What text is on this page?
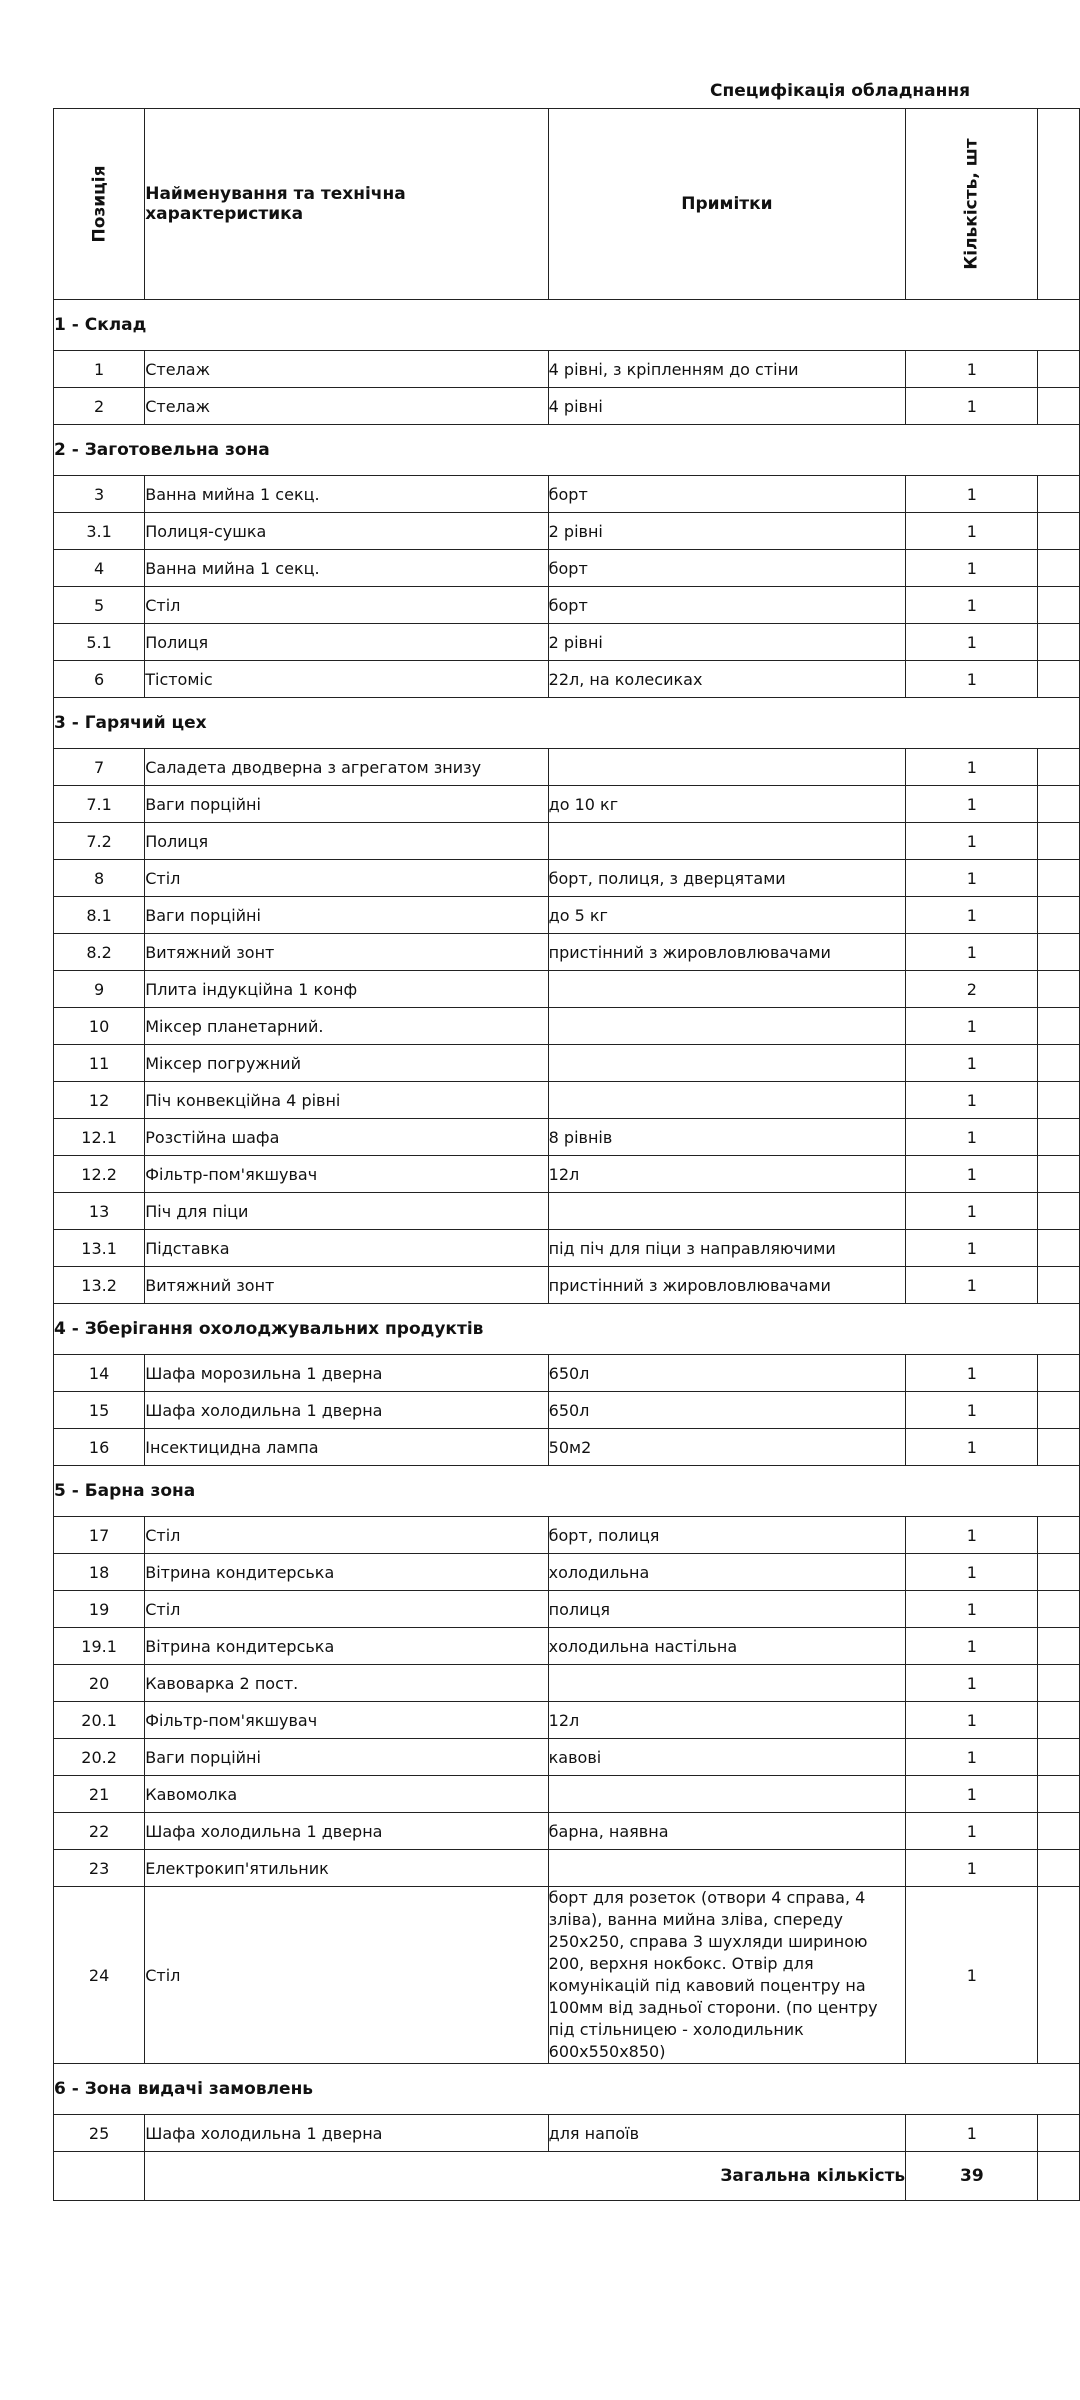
Специфікація обладнання
Позиція	Найменування та технічна характеристика	Примітки	Кількість, шт	

1 - Склад				
1	Стелаж	4 рівні, з кріпленням до стіни	1	
2	Стелаж	4 рівні	1	
2 - Заготовельна зона				
3	Ванна мийна 1 секц.	борт	1	
3.1	Полиця-сушка	2 рівні	1	
4	Ванна мийна 1 секц.	борт	1	
5	Стіл	борт	1	
5.1	Полиця	2 рівні	1	
6	Тістоміс	22л, на колесиках	1	
3 - Гарячий цех				
7	Саладета дводверна з агрегатом знизу		1	
7.1	Ваги порційні	до 10 кг	1	
7.2	Полиця		1	
8	Стіл	борт, полиця, з дверцятами	1	
8.1	Ваги порційні	до 5 кг	1	
8.2	Витяжний зонт	пристінний з жировловлювачами	1	
9	Плита індукційна 1 конф		2	
10	Міксер планетарний.		1	
11	Міксер погружний		1	
12	Піч конвекційна 4 рівні		1	
12.1	Розстійна шафа	8 рівнів	1	
12.2	Фільтр-пом'якшувач	12л	1	
13	Піч для піци		1	
13.1	Підставка	під піч для піци з направляючими	1	
13.2	Витяжний зонт	пристінний з жировловлювачами	1	
4 - Зберігання охолоджувальних продуктів				
14	Шафа морозильна 1 дверна	650л	1	
15	Шафа холодильна 1 дверна	650л	1	
16	Інсектицидна лампа	50м2	1	
5 - Барна зона				
17	Стіл	борт, полиця	1	
18	Вітрина кондитерська	холодильна	1	
19	Стіл	полиця	1	
19.1	Вітрина кондитерська	холодильна настільна	1	
20	Кавоварка 2 пост.		1	
20.1	Фільтр-пом'якшувач	12л	1	
20.2	Ваги порційні	кавові	1	
21	Кавомолка		1	
22	Шафа холодильна 1 дверна	барна, наявна	1	
23	Електрокип'ятильник		1	
24	Стіл	борт для розеток (отвори 4 справа, 4 зліва), ванна мийна зліва, спереду 250х250, справа 3 шухляди шириною 200, верхня нокбокс. Отвір для комунікацій під кавовий поцентру на 100мм від задньої сторони. (по центру під стільницею - холодильник 600х550х850)	1	
6 - Зона видачі замовлень				
25	Шафа холодильна 1 дверна	для напоїв	1	
	Загальна кількість		39	
